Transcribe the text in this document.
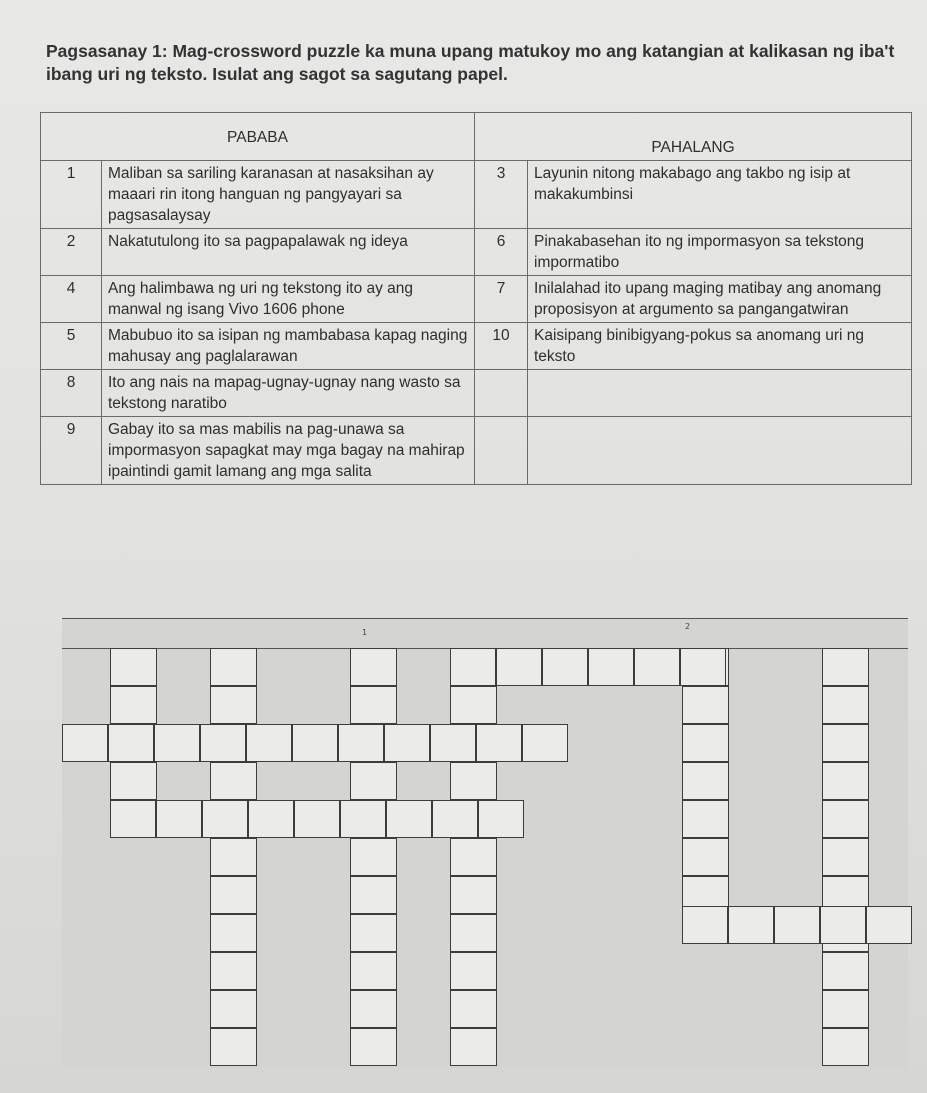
Pagsasanay 1: Mag-crossword puzzle ka muna upang matukoy mo ang katangian at kalikasan ng iba't ibang uri ng teksto. Isulat ang sagot sa sagutang papel.
PABABA		PAHALANG	
1	Maliban sa sariling karanasan at nasaksihan ay maaari rin itong hanguan ng pangyayari sa pagsasalaysay	3	Layunin nitong makabago ang takbo ng isip at makakumbinsi
2	Nakatutulong ito sa pagpapalawak ng ideya	6	Pinakabasehan ito ng impormasyon sa tekstong impormatibo
4	Ang halimbawa ng uri ng tekstong ito ay ang manwal ng isang Vivo 1606 phone	7	Inilalahad ito upang maging matibay ang anomang proposisyon at argumento sa pangangatwiran
5	Mabubuo ito sa isipan ng mambabasa kapag naging mahusay ang paglalarawan	10	Kaisipang binibigyang-pokus sa anomang uri ng teksto
8	Ito ang nais na mapag-ugnay-ugnay nang wasto sa tekstong naratibo		
9	Gabay ito sa mas mabilis na pag-unawa sa impormasyon sapagkat may mga bagay na mahirap ipaintindi gamit lamang ang mga salita		
1
2
